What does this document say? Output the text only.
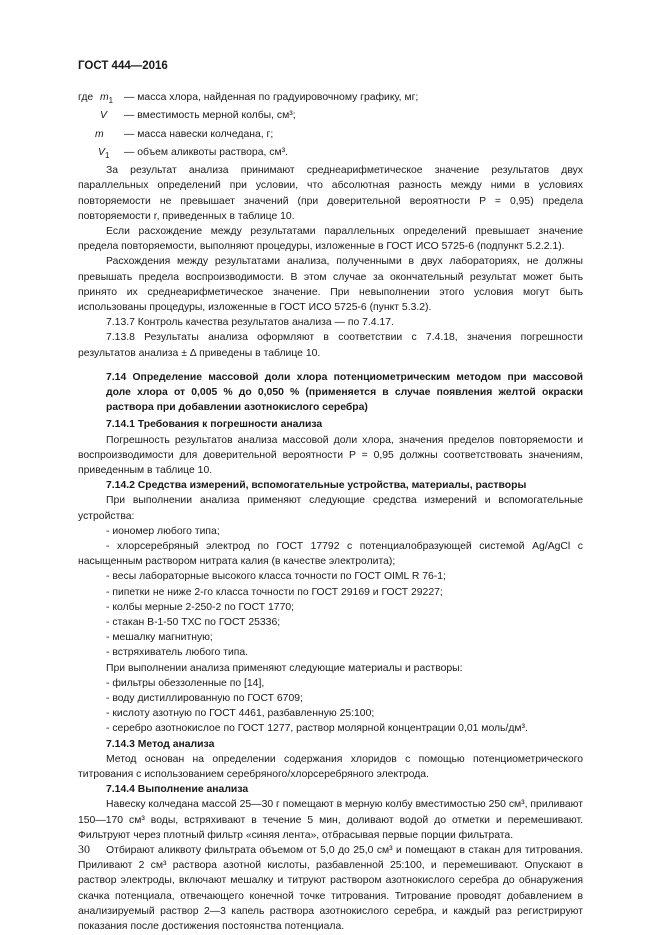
ГОСТ 444—2016
где $m_1$	— масса хлора, найденная по градуировочному графику, мг;
V	— вместимость мерной колбы, см³;
m	— масса навески колчедана, г;
$V_1$	— объем аликвоты раствора, см³.

За результат анализа принимают среднеарифметическое значение результатов двух параллельных определений при условии, что абсолютная разность между ними в условиях повторяемости не превышает значений (при доверительной вероятности P = 0,95) предела повторяемости r, приведенных в таблице 10.

Если расхождение между результатами параллельных определений превышает значение предела повторяемости, выполняют процедуры, изложенные в ГОСТ ИСО 5725-6 (подпункт 5.2.2.1).

Расхождения между результатами анализа, полученными в двух лабораториях, не должны превышать предела воспроизводимости. В этом случае за окончательный результат может быть принято их среднеарифметическое значение. При невыполнении этого условия могут быть использованы процедуры, изложенные в ГОСТ ИСО 5725-6 (пункт 5.3.2).

7.13.7 Контроль качества результатов анализа — по 7.4.17.

7.13.8 Результаты анализа оформляют в соответствии с 7.4.18, значения погрешности результатов анализа ± Δ приведены в таблице 10.

7.14 Определение массовой доли хлора потенциометрическим методом при массовой доле хлора от 0,005 % до 0,050 % (применяется в случае появления желтой окраски раствора при добавлении азотнокислого серебра)

7.14.1 Требования к погрешности анализа

Погрешность результатов анализа массовой доли хлора, значения пределов повторяемости и воспроизводимости для доверительной вероятности P = 0,95 должны соответствовать значениям, приведенным в таблице 10.

7.14.2 Средства измерений, вспомогательные устройства, материалы, растворы

При выполнении анализа применяют следующие средства измерений и вспомогательные устройства:

- иономер любого типа;

- хлорсеребряный электрод по ГОСТ 17792 с потенциалобразующей системой Ag/AgCl с насыщенным раствором нитрата калия (в качестве электролита);

- весы лабораторные высокого класса точности по ГОСТ OIML R 76-1;

- пипетки не ниже 2-го класса точности по ГОСТ 29169 и ГОСТ 29227;

- колбы мерные 2-250-2 по ГОСТ 1770;

- стакан В-1-50 ТХС по ГОСТ 25336;

- мешалку магнитную;

- встряхиватель любого типа.

При выполнении анализа применяют следующие материалы и растворы:

- фильтры обеззоленные по [14],

- воду дистиллированную по ГОСТ 6709;

- кислоту азотную по ГОСТ 4461, разбавленную 25:100;

- серебро азотнокислое по ГОСТ 1277, раствор молярной концентрации 0,01 моль/дм³.

7.14.3 Метод анализа

Метод основан на определении содержания хлоридов с помощью потенциометрического титрования с использованием серебряного/хлорсеребряного электрода.

7.14.4 Выполнение анализа

Навеску колчедана массой 25—30 г помещают в мерную колбу вместимостью 250 см³, приливают 150—170 см³ воды, встряхивают в течение 5 мин, доливают водой до отметки и перемешивают. Фильтруют через плотный фильтр «синяя лента», отбрасывая первые порции фильтрата.

Отбирают аликвоту фильтрата объемом от 5,0 до 25,0 см³ и помещают в стакан для титрования. Приливают 2 см³ раствора азотной кислоты, разбавленной 25:100, и перемешивают. Опускают в раствор электроды, включают мешалку и титруют раствором азотнокислого серебра до обнаружения скачка потенциала, отвечающего конечной точке титрования. Титрование проводят добавлением в анализируемый раствор 2—3 капель раствора азотнокислого серебра, и каждый раз регистрируют показания после достижения постоянства потенциала.

30
